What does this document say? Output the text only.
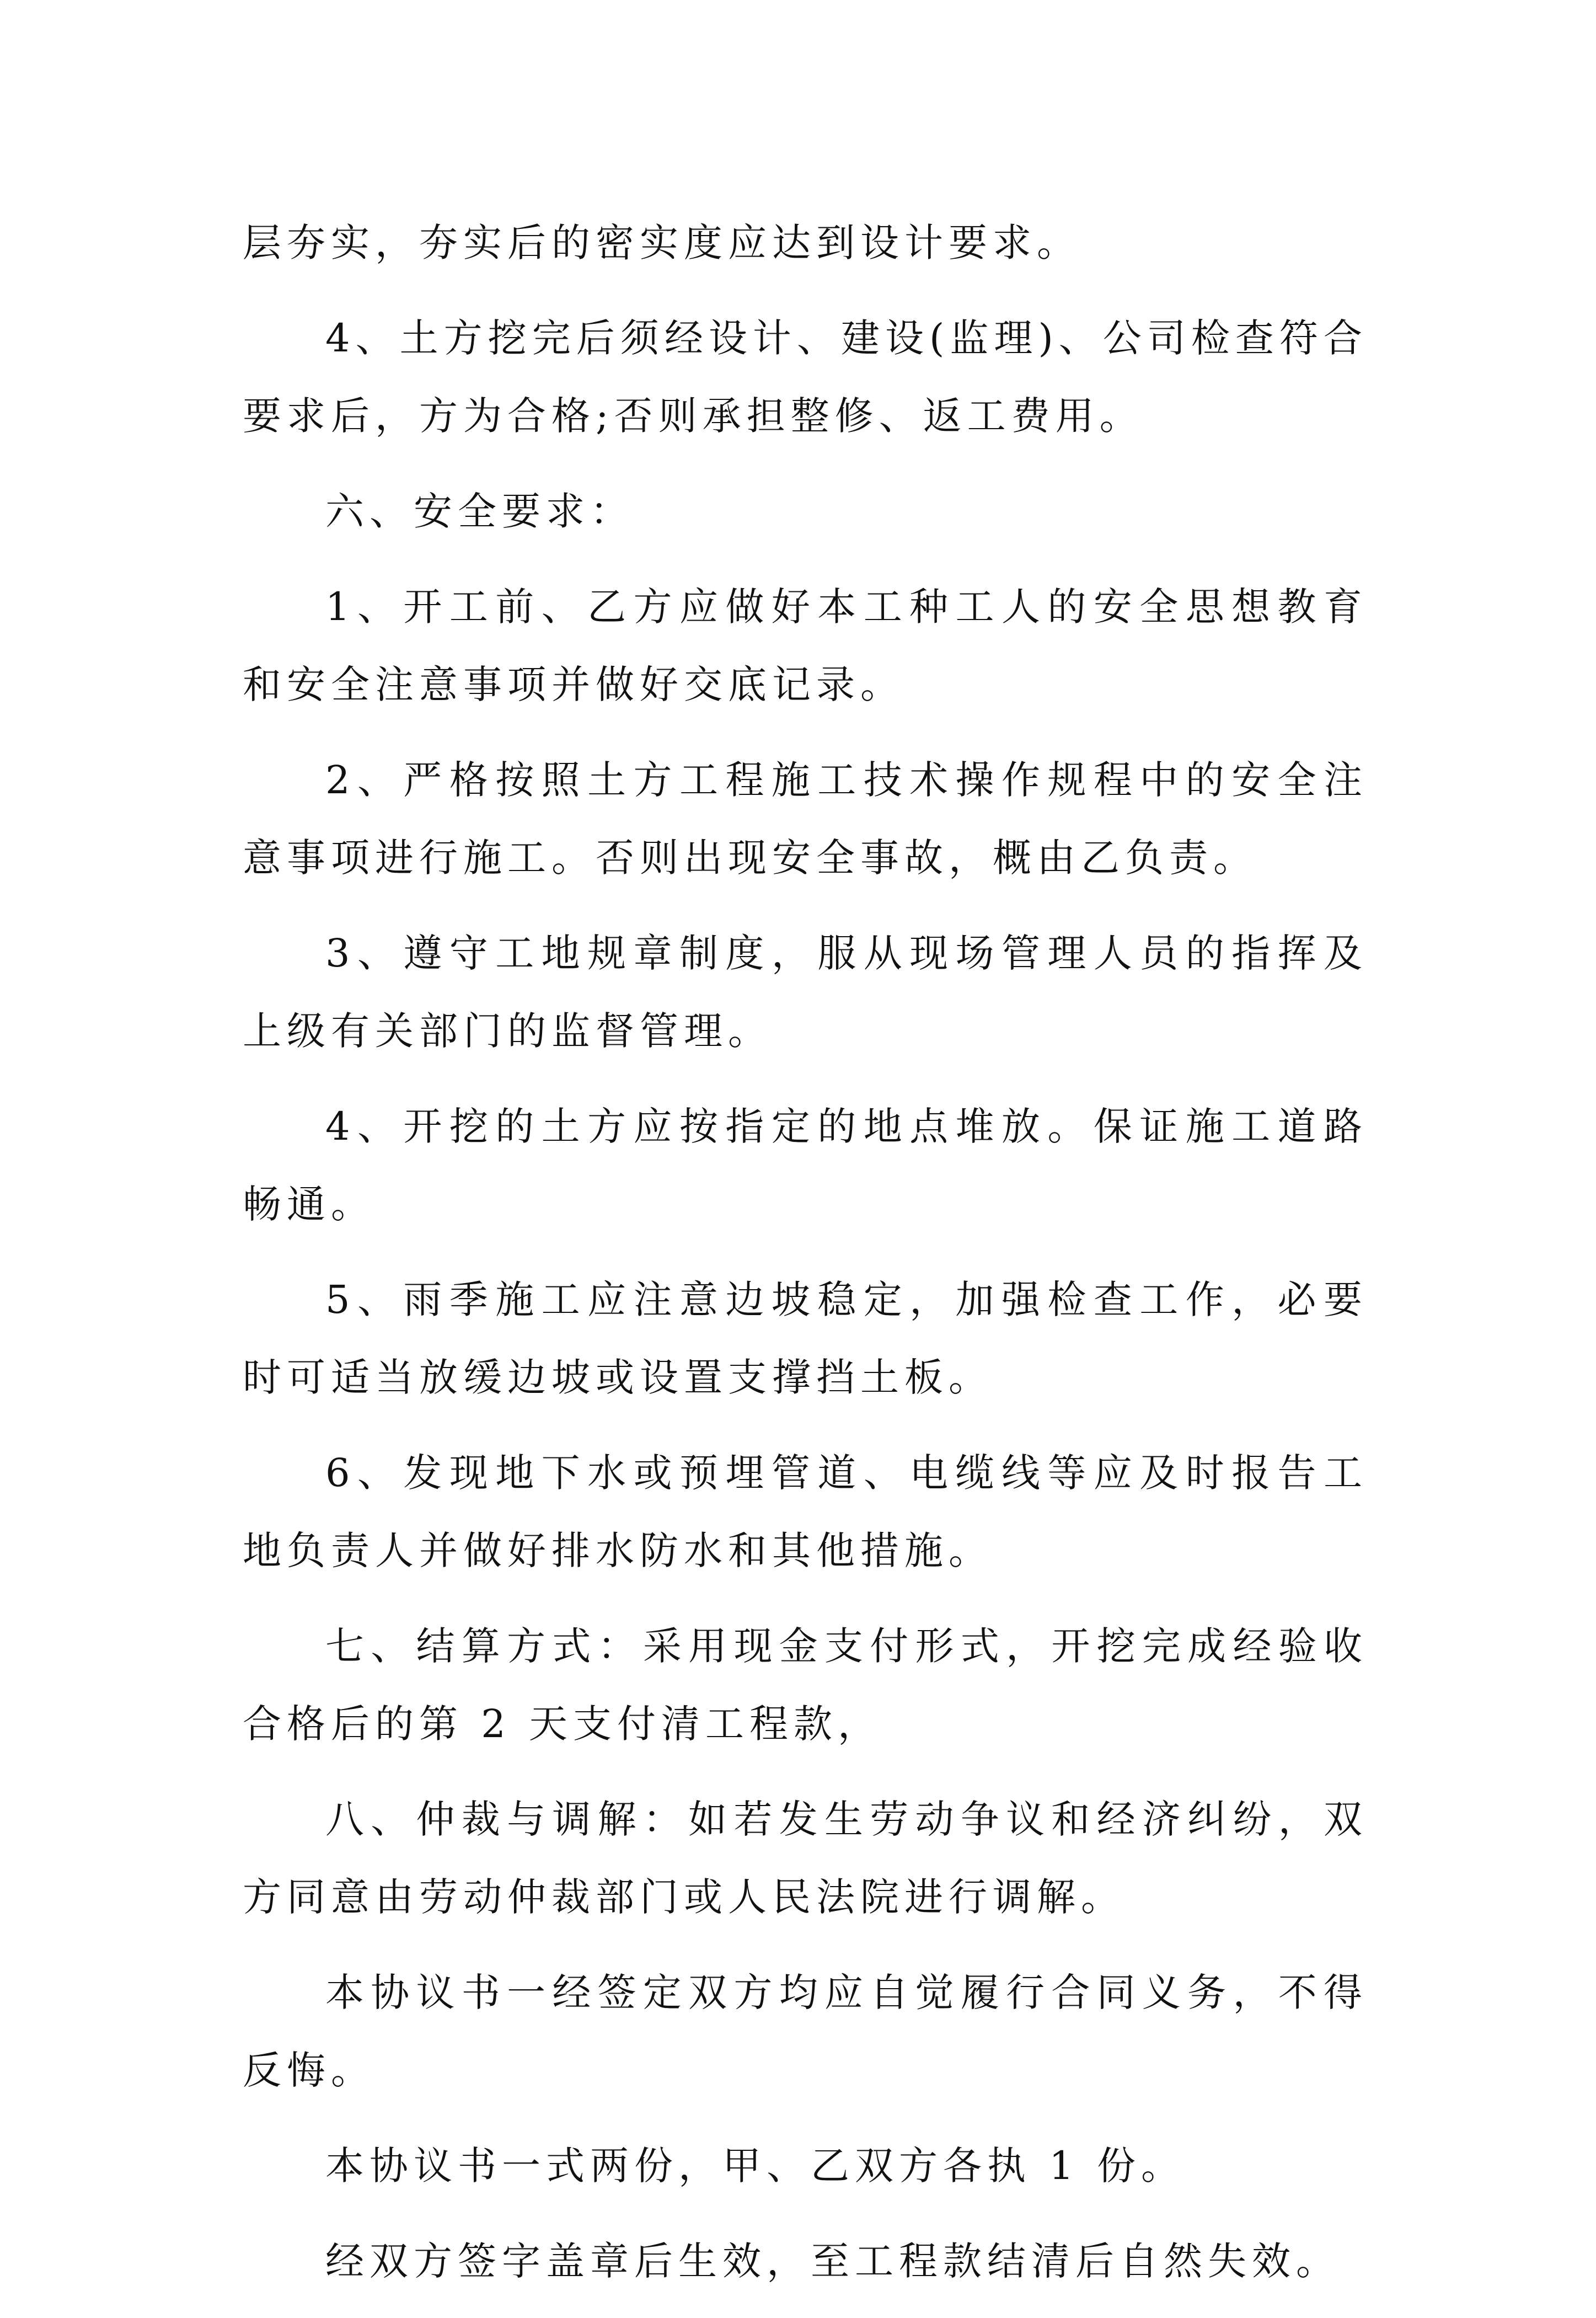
层夯实，夯实后的密实度应达到设计要求。

4、土方挖完后须经设计、建设(监理)、公司检查符合要求后，方为合格;否则承担整修、返工费用。

六、安全要求：

1、开工前、乙方应做好本工种工人的安全思想教育和安全注意事项并做好交底记录。

2、严格按照土方工程施工技术操作规程中的安全注意事项进行施工。否则出现安全事故，概由乙负责。

3、遵守工地规章制度，服从现场管理人员的指挥及上级有关部门的监督管理。

4、开挖的土方应按指定的地点堆放。保证施工道路畅通。

5、雨季施工应注意边坡稳定，加强检查工作，必要时可适当放缓边坡或设置支撑挡土板。

6、发现地下水或预埋管道、电缆线等应及时报告工地负责人并做好排水防水和其他措施。

七、结算方式：采用现金支付形式，开挖完成经验收合格后的第 2 天支付清工程款，

八、仲裁与调解：如若发生劳动争议和经济纠纷，双方同意由劳动仲裁部门或人民法院进行调解。

本协议书一经签定双方均应自觉履行合同义务，不得反悔。

本协议书一式两份，甲、乙双方各执 1 份。

经双方签字盖章后生效，至工程款结清后自然失效。
